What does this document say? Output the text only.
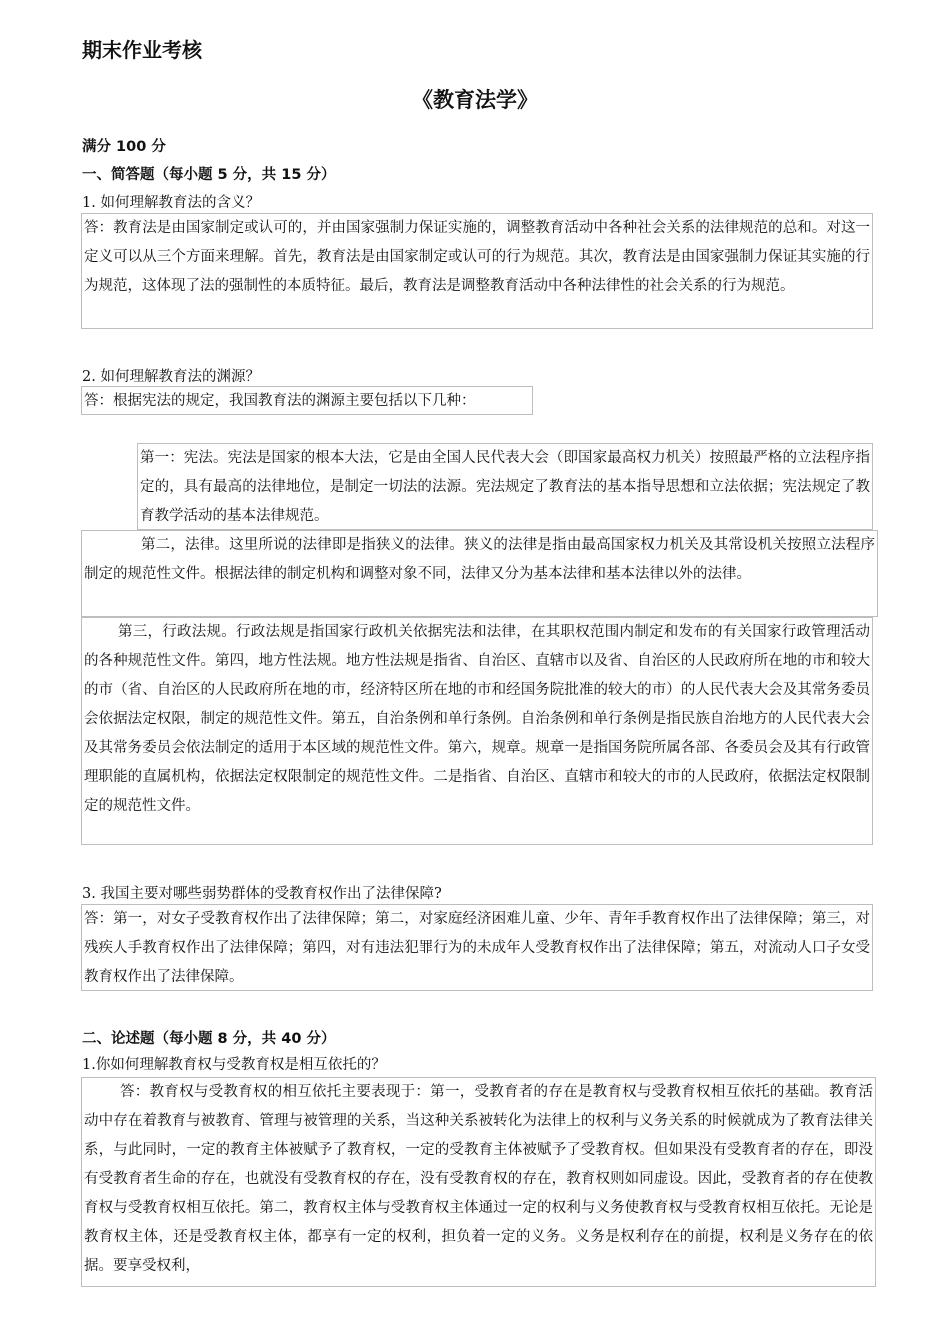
期末作业考核
《教育法学》
满分 100 分
一、简答题（每小题 5 分，共 15 分）
1. 如何理解教育法的含义？
答：教育法是由国家制定或认可的，并由国家强制力保证实施的，调整教育活动中各种社会关系的法律规范的总和。对这一定义可以从三个方面来理解。首先，教育法是由国家制定或认可的行为规范。其次，教育法是由国家强制力保证其实施的行为规范，这体现了法的强制性的本质特征。最后，教育法是调整教育活动中各种法律性的社会关系的行为规范。
2. 如何理解教育法的渊源？
答：根据宪法的规定，我国教育法的渊源主要包括以下几种：
第一：宪法。宪法是国家的根本大法，它是由全国人民代表大会（即国家最高权力机关）按照最严格的立法程序指定的，具有最高的法律地位，是制定一切法的法源。宪法规定了教育法的基本指导思想和立法依据；宪法规定了教育教学活动的基本法律规范。
第二，法律。这里所说的法律即是指狭义的法律。狭义的法律是指由最高国家权力机关及其常设机关按照立法程序制定的规范性文件。根据法律的制定机构和调整对象不同，法律又分为基本法律和基本法律以外的法律。
第三，行政法规。行政法规是指国家行政机关依据宪法和法律，在其职权范围内制定和发布的有关国家行政管理活动的各种规范性文件。第四，地方性法规。地方性法规是指省、自治区、直辖市以及省、自治区的人民政府所在地的市和较大的市（省、自治区的人民政府所在地的市，经济特区所在地的市和经国务院批准的较大的市）的人民代表大会及其常务委员会依据法定权限，制定的规范性文件。第五，自治条例和单行条例。自治条例和单行条例是指民族自治地方的人民代表大会及其常务委员会依法制定的适用于本区域的规范性文件。第六，规章。规章一是指国务院所属各部、各委员会及其有行政管理职能的直属机构，依据法定权限制定的规范性文件。二是指省、自治区、直辖市和较大的市的人民政府，依据法定权限制定的规范性文件。
3. 我国主要对哪些弱势群体的受教育权作出了法律保障?
答：第一，对女子受教育权作出了法律保障；第二，对家庭经济困难儿童、少年、青年手教育权作出了法律保障；第三，对残疾人手教育权作出了法律保障；第四，对有违法犯罪行为的未成年人受教育权作出了法律保障；第五，对流动人口子女受教育权作出了法律保障。
二、论述题（每小题 8 分，共 40 分）
1.你如何理解教育权与受教育权是相互依托的？
答：教育权与受教育权的相互依托主要表现于：第一，受教育者的存在是教育权与受教育权相互依托的基础。教育活动中存在着教育与被教育、管理与被管理的关系，当这种关系被转化为法律上的权利与义务关系的时候就成为了教育法律关系，与此同时，一定的教育主体被赋予了教育权，一定的受教育主体被赋予了受教育权。但如果没有受教育者的存在，即没有受教育者生命的存在，也就没有受教育权的存在，没有受教育权的存在，教育权则如同虚设。因此，受教育者的存在使教育权与受教育权相互依托。第二，教育权主体与受教育权主体通过一定的权利与义务使教育权与受教育权相互依托。无论是教育权主体，还是受教育权主体，都享有一定的权利，担负着一定的义务。义务是权利存在的前提，权利是义务存在的依据。要享受权利，
